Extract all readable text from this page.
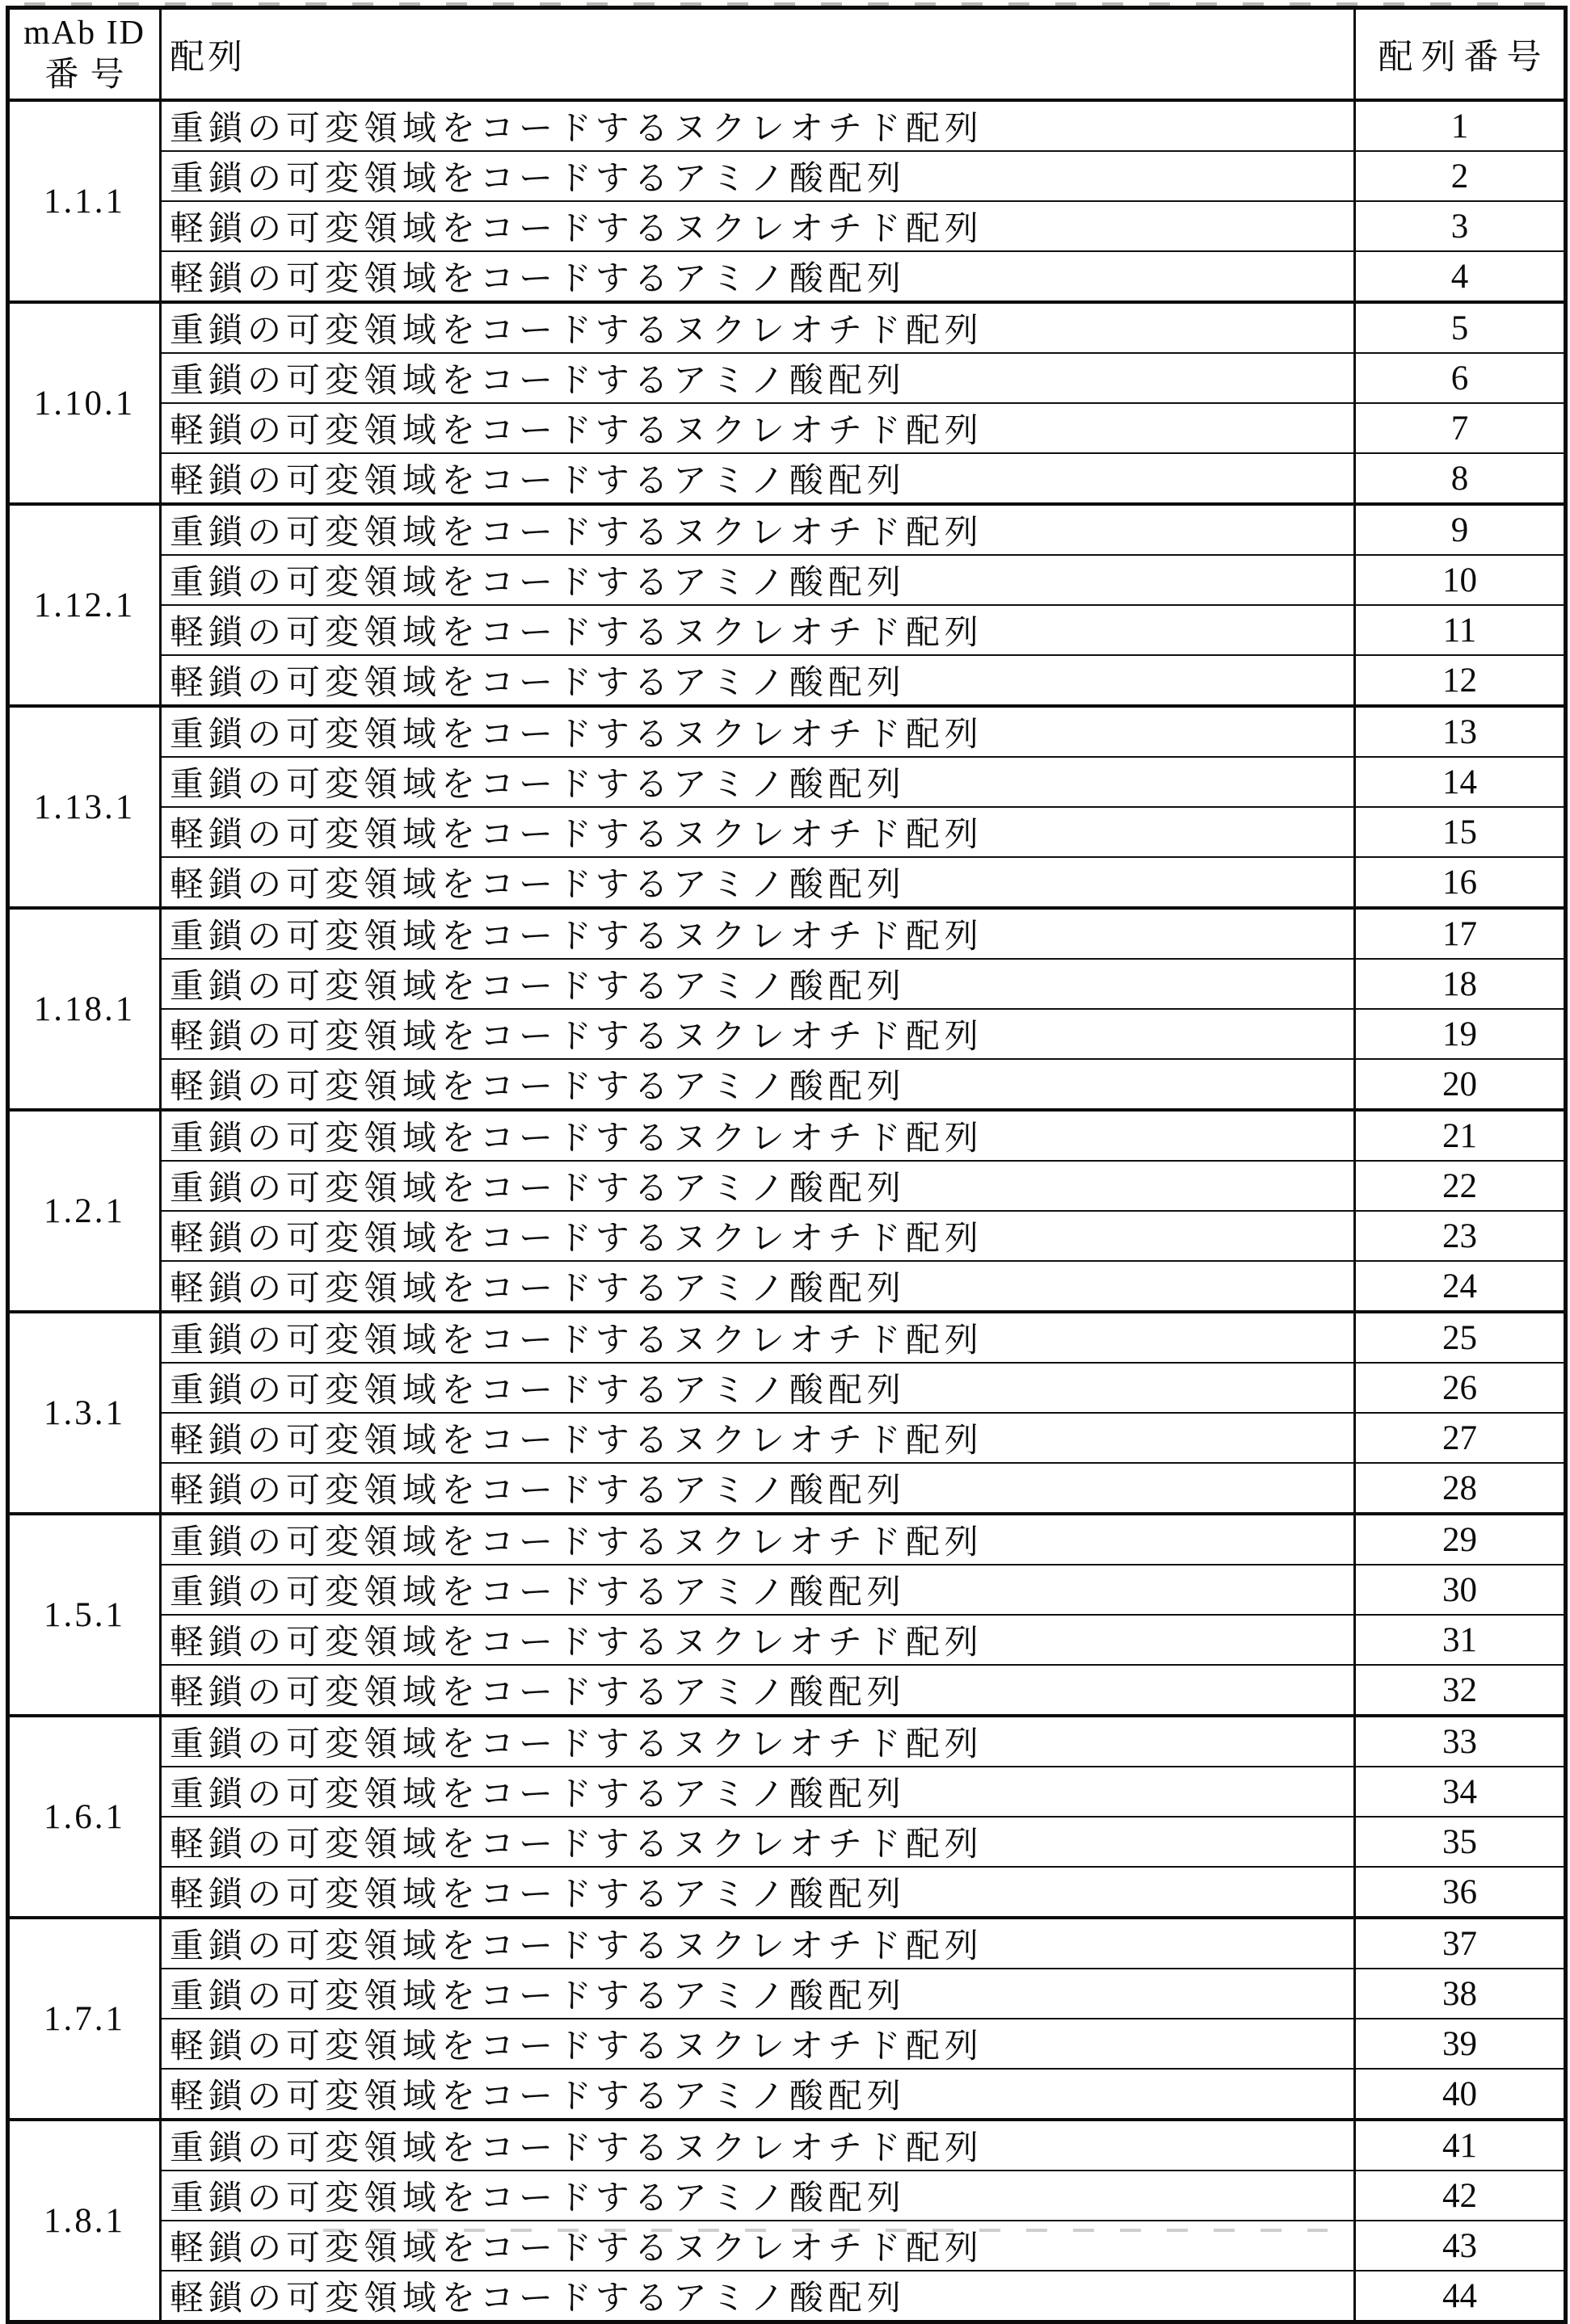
mAb ID
番号	配列	配列番号
1.1.1	重鎖の可変領域をコードするヌクレオチド配列	1
	重鎖の可変領域をコードするアミノ酸配列	2
	軽鎖の可変領域をコードするヌクレオチド配列	3
	軽鎖の可変領域をコードするアミノ酸配列	4
1.10.1	重鎖の可変領域をコードするヌクレオチド配列	5
	重鎖の可変領域をコードするアミノ酸配列	6
	軽鎖の可変領域をコードするヌクレオチド配列	7
	軽鎖の可変領域をコードするアミノ酸配列	8
1.12.1	重鎖の可変領域をコードするヌクレオチド配列	9
	重鎖の可変領域をコードするアミノ酸配列	10
	軽鎖の可変領域をコードするヌクレオチド配列	11
	軽鎖の可変領域をコードするアミノ酸配列	12
1.13.1	重鎖の可変領域をコードするヌクレオチド配列	13
	重鎖の可変領域をコードするアミノ酸配列	14
	軽鎖の可変領域をコードするヌクレオチド配列	15
	軽鎖の可変領域をコードするアミノ酸配列	16
1.18.1	重鎖の可変領域をコードするヌクレオチド配列	17
	重鎖の可変領域をコードするアミノ酸配列	18
	軽鎖の可変領域をコードするヌクレオチド配列	19
	軽鎖の可変領域をコードするアミノ酸配列	20
1.2.1	重鎖の可変領域をコードするヌクレオチド配列	21
	重鎖の可変領域をコードするアミノ酸配列	22
	軽鎖の可変領域をコードするヌクレオチド配列	23
	軽鎖の可変領域をコードするアミノ酸配列	24
1.3.1	重鎖の可変領域をコードするヌクレオチド配列	25
	重鎖の可変領域をコードするアミノ酸配列	26
	軽鎖の可変領域をコードするヌクレオチド配列	27
	軽鎖の可変領域をコードするアミノ酸配列	28
1.5.1	重鎖の可変領域をコードするヌクレオチド配列	29
	重鎖の可変領域をコードするアミノ酸配列	30
	軽鎖の可変領域をコードするヌクレオチド配列	31
	軽鎖の可変領域をコードするアミノ酸配列	32
1.6.1	重鎖の可変領域をコードするヌクレオチド配列	33
	重鎖の可変領域をコードするアミノ酸配列	34
	軽鎖の可変領域をコードするヌクレオチド配列	35
	軽鎖の可変領域をコードするアミノ酸配列	36
1.7.1	重鎖の可変領域をコードするヌクレオチド配列	37
	重鎖の可変領域をコードするアミノ酸配列	38
	軽鎖の可変領域をコードするヌクレオチド配列	39
	軽鎖の可変領域をコードするアミノ酸配列	40
1.8.1	重鎖の可変領域をコードするヌクレオチド配列	41
	重鎖の可変領域をコードするアミノ酸配列	42
	軽鎖の可変領域をコードするヌクレオチド配列	43
	軽鎖の可変領域をコードするアミノ酸配列	44
